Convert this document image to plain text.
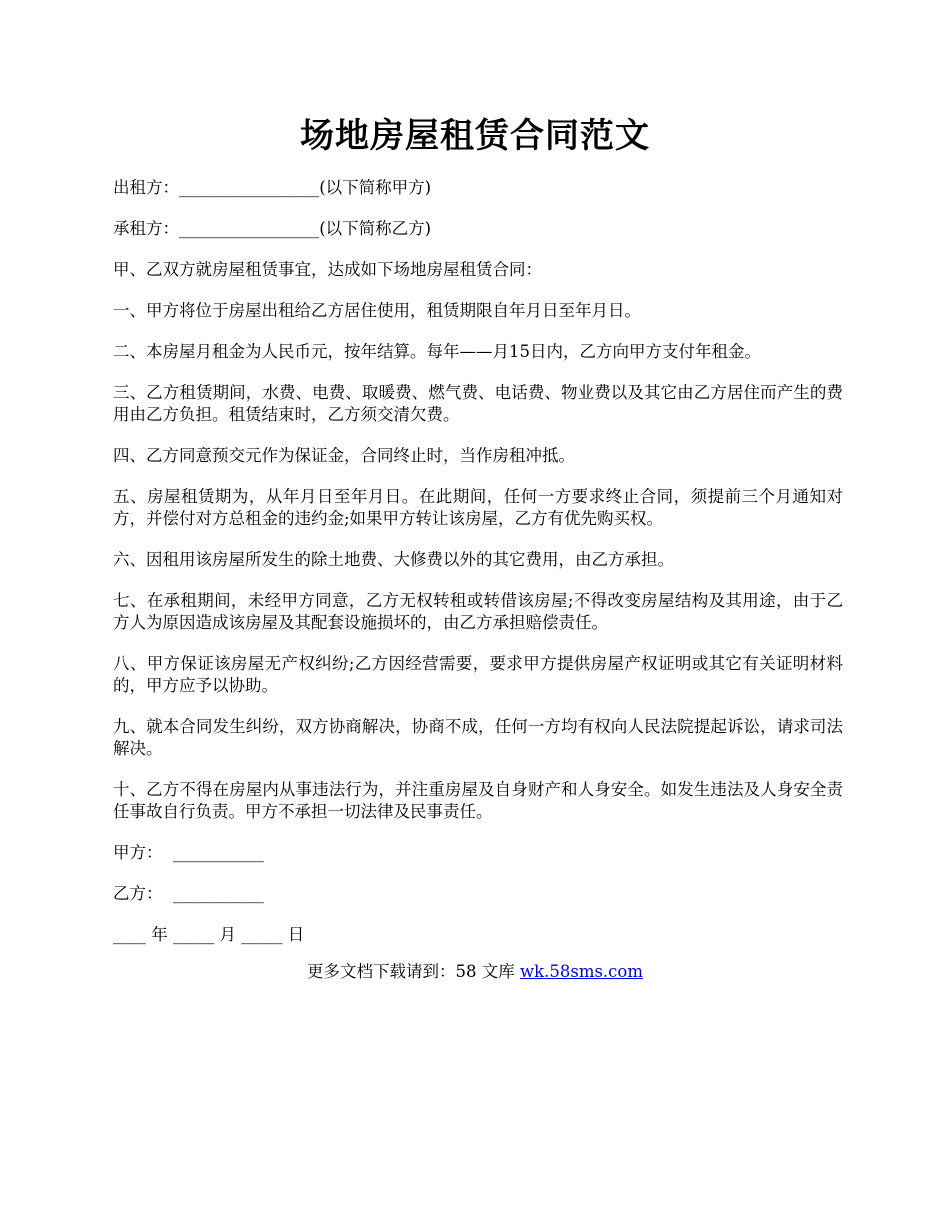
场地房屋租赁合同范文

出租方：_________________(以下简称甲方)

承租方：_________________(以下简称乙方)

甲、乙双方就房屋租赁事宜，达成如下场地房屋租赁合同：

一、甲方将位于房屋出租给乙方居住使用，租赁期限自年月日至年月日。

二、本房屋月租金为人民币元，按年结算。每年——月15日内，乙方向甲方支付年租金。

三、乙方租赁期间，水费、电费、取暖费、燃气费、电话费、物业费以及其它由乙方居住而产生的费用由乙方负担。租赁结束时，乙方须交清欠费。

四、乙方同意预交元作为保证金，合同终止时，当作房租冲抵。

五、房屋租赁期为，从年月日至年月日。在此期间，任何一方要求终止合同，须提前三个月通知对方，并偿付对方总租金的违约金;如果甲方转让该房屋，乙方有优先购买权。

六、因租用该房屋所发生的除土地费、大修费以外的其它费用，由乙方承担。

七、在承租期间，未经甲方同意，乙方无权转租或转借该房屋;不得改变房屋结构及其用途，由于乙方人为原因造成该房屋及其配套设施损坏的，由乙方承担赔偿责任。

八、甲方保证该房屋无产权纠纷;乙方因经营需要，要求甲方提供房屋产权证明或其它有关证明材料的，甲方应予以协助。

九、就本合同发生纠纷，双方协商解决，协商不成，任何一方均有权向人民法院提起诉讼，请求司法解决。

十、乙方不得在房屋内从事违法行为，并注重房屋及自身财产和人身安全。如发生违法及人身安全责任事故自行负责。甲方不承担一切法律及民事责任。

甲方：  ___________

乙方：  ___________

____ 年 _____ 月 _____ 日

更多文档下载请到：58 文库 wk.58sms.com
